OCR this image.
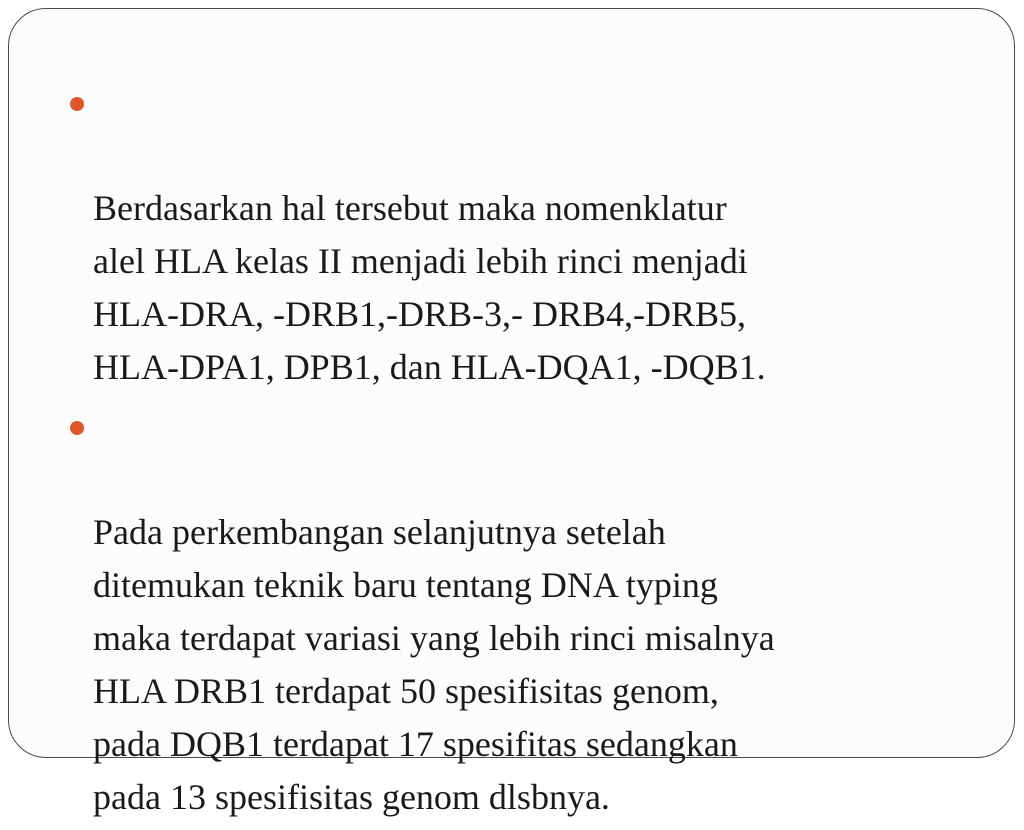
Berdasarkan hal tersebut maka nomenklatur
alel HLA kelas II menjadi lebih rinci menjadi
HLA-DRA, -DRB1,-DRB-3,- DRB4,-DRB5,
HLA-DPA1, DPB1, dan HLA-DQA1, -DQB1.

Pada perkembangan selanjutnya setelah
ditemukan teknik baru tentang DNA typing
maka terdapat variasi yang lebih rinci misalnya
HLA DRB1 terdapat 50 spesifisitas genom,
pada DQB1 terdapat 17 spesifitas sedangkan
pada 13 spesifisitas genom dlsbnya.
